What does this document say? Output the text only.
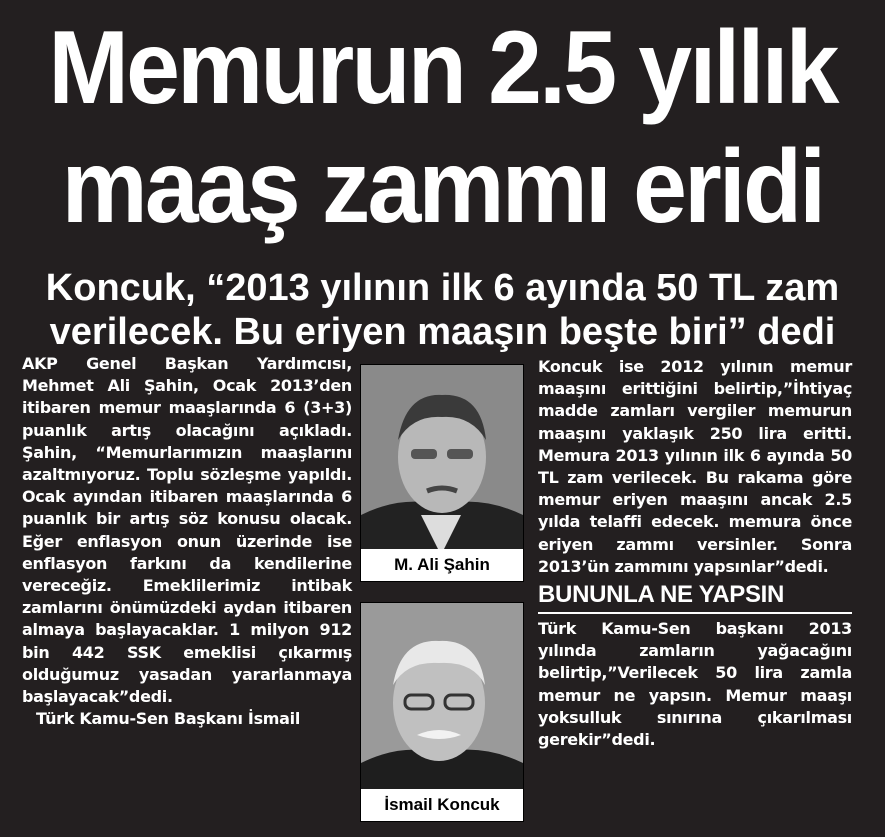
Memurun 2.5 yıllık
maaş zammı eridi
Koncuk, “2013 yılının ilk 6 ayında 50 TL zam
verilecek. Bu eriyen maaşın beşte biri” dedi

AKP Genel Başkan Yardımcısı, Mehmet Ali Şahin, Ocak 2013’den itibaren memur maaşlarında 6 (3+3) puanlık artış olacağını açıkladı. Şahin, “Memurlarımızın maaşlarını azaltmıyoruz. Toplu sözleşme yapıldı. Ocak ayından itibaren maaşlarında 6 puanlık bir artış söz konusu olacak. Eğer enflasyon onun üzerinde ise enflasyon farkını da kendilerine vereceğiz. Emeklilerimiz intibak zamlarını önümüzdeki aydan itibaren almaya başlayacaklar. 1 milyon 912 bin 442 SSK emeklisi çıkarmış olduğumuz yasadan yararlanmaya başlayacak”dedi.

Türk Kamu-Sen Başkanı İsmail

M. Ali Şahin
İsmail Koncuk

Koncuk ise 2012 yılının memur maaşını erittiğini belirtip,”İhtiyaç madde zamları vergiler memurun maaşını yaklaşık 250 lira eritti. Memura 2013 yılının ilk 6 ayında 50 TL zam verilecek. Bu rakama göre memur eriyen maaşını ancak 2.5 yılda telaffi edecek. memura önce eriyen zammı versinler. Sonra 2013’ün zammını yapsınlar”dedi.

BUNUNLA NE YAPSIN

Türk Kamu-Sen başkanı 2013 yılında zamların yağacağını belirtip,”Verilecek 50 lira zamla memur ne yapsın. Memur maaşı yoksulluk sınırına çıkarılması gerekir”dedi.
